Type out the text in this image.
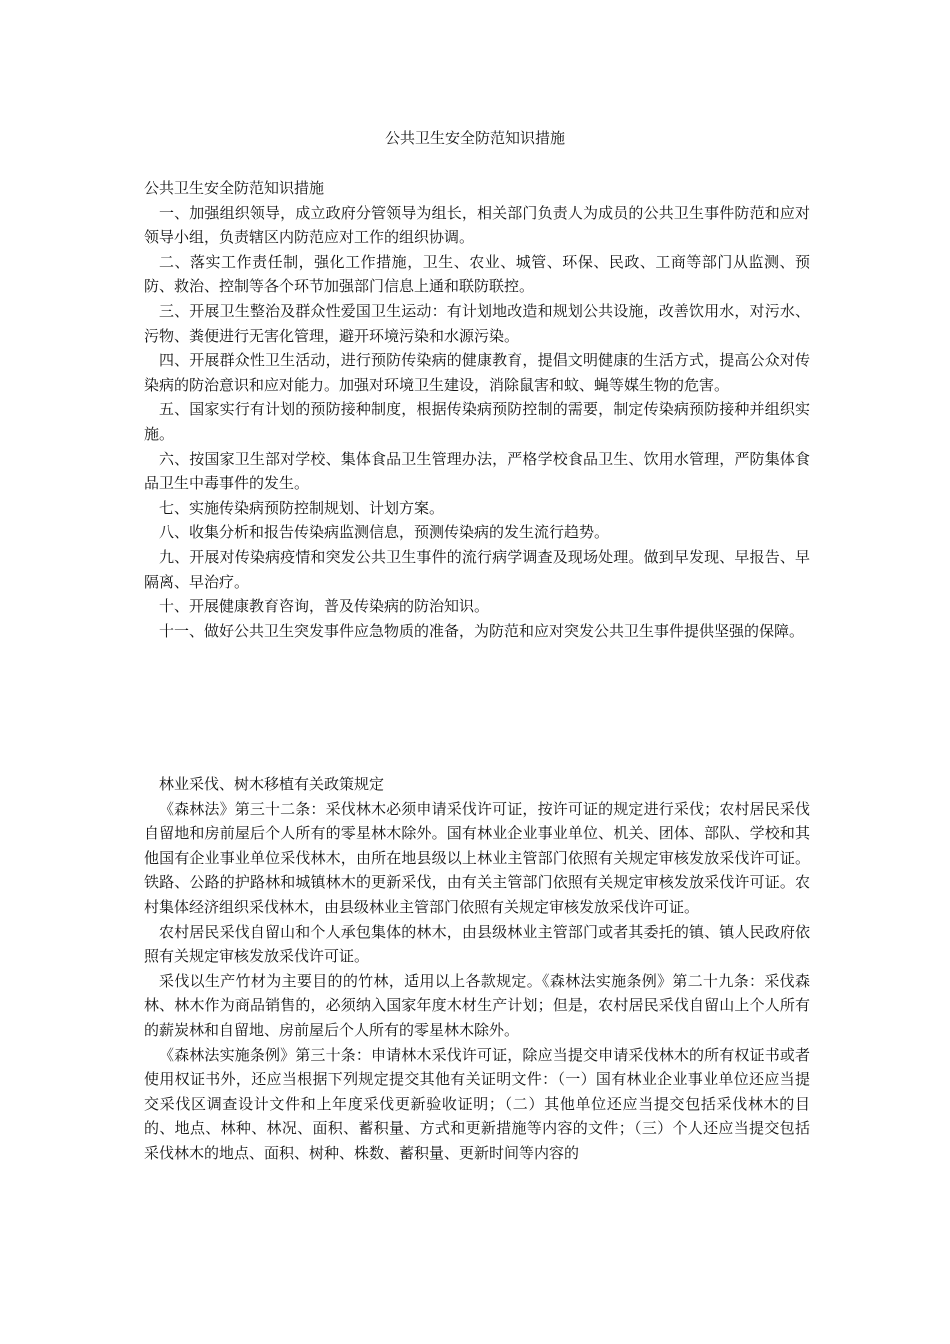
公共卫生安全防范知识措施

公共卫生安全防范知识措施

一、加强组织领导，成立政府分管领导为组长，相关部门负责人为成员的公共卫生事件防范和应对领导小组，负责辖区内防范应对工作的组织协调。

二、落实工作责任制，强化工作措施，卫生、农业、城管、环保、民政、工商等部门从监测、预防、救治、控制等各个环节加强部门信息上通和联防联控。

三、开展卫生整治及群众性爱国卫生运动：有计划地改造和规划公共设施，改善饮用水，对污水、污物、粪便进行无害化管理，避开环境污染和水源污染。

四、开展群众性卫生活动，进行预防传染病的健康教育，提倡文明健康的生活方式，提高公众对传染病的防治意识和应对能力。加强对环境卫生建设，消除鼠害和蚊、蝇等媒生物的危害。

五、国家实行有计划的预防接种制度，根据传染病预防控制的需要，制定传染病预防接种并组织实施。

六、按国家卫生部对学校、集体食品卫生管理办法，严格学校食品卫生、饮用水管理，严防集体食品卫生中毒事件的发生。

七、实施传染病预防控制规划、计划方案。

八、收集分析和报告传染病监测信息，预测传染病的发生流行趋势。

九、开展对传染病疫情和突发公共卫生事件的流行病学调查及现场处理。做到早发现、早报告、早隔离、早治疗。

十、开展健康教育咨询，普及传染病的防治知识。

十一、做好公共卫生突发事件应急物质的准备，为防范和应对突发公共卫生事件提供坚强的保障。

林业采伐、树木移植有关政策规定

《森林法》第三十二条：采伐林木必须申请采伐许可证，按许可证的规定进行采伐；农村居民采伐自留地和房前屋后个人所有的零星林木除外。国有林业企业事业单位、机关、团体、部队、学校和其他国有企业事业单位采伐林木，由所在地县级以上林业主管部门依照有关规定审核发放采伐许可证。铁路、公路的护路林和城镇林木的更新采伐，由有关主管部门依照有关规定审核发放采伐许可证。农村集体经济组织采伐林木，由县级林业主管部门依照有关规定审核发放采伐许可证。

农村居民采伐自留山和个人承包集体的林木，由县级林业主管部门或者其委托的镇、镇人民政府依照有关规定审核发放采伐许可证。

采伐以生产竹材为主要目的的竹林，适用以上各款规定。《森林法实施条例》第二十九条：采伐森林、林木作为商品销售的，必须纳入国家年度木材生产计划；但是，农村居民采伐自留山上个人所有的薪炭林和自留地、房前屋后个人所有的零星林木除外。

《森林法实施条例》第三十条：申请林木采伐许可证，除应当提交申请采伐林木的所有权证书或者使用权证书外，还应当根据下列规定提交其他有关证明文件：（一）国有林业企业事业单位还应当提交采伐区调查设计文件和上年度采伐更新验收证明；（二）其他单位还应当提交包括采伐林木的目的、地点、林种、林况、面积、蓄积量、方式和更新措施等内容的文件；（三）个人还应当提交包括采伐林木的地点、面积、树种、株数、蓄积量、更新时间等内容的
